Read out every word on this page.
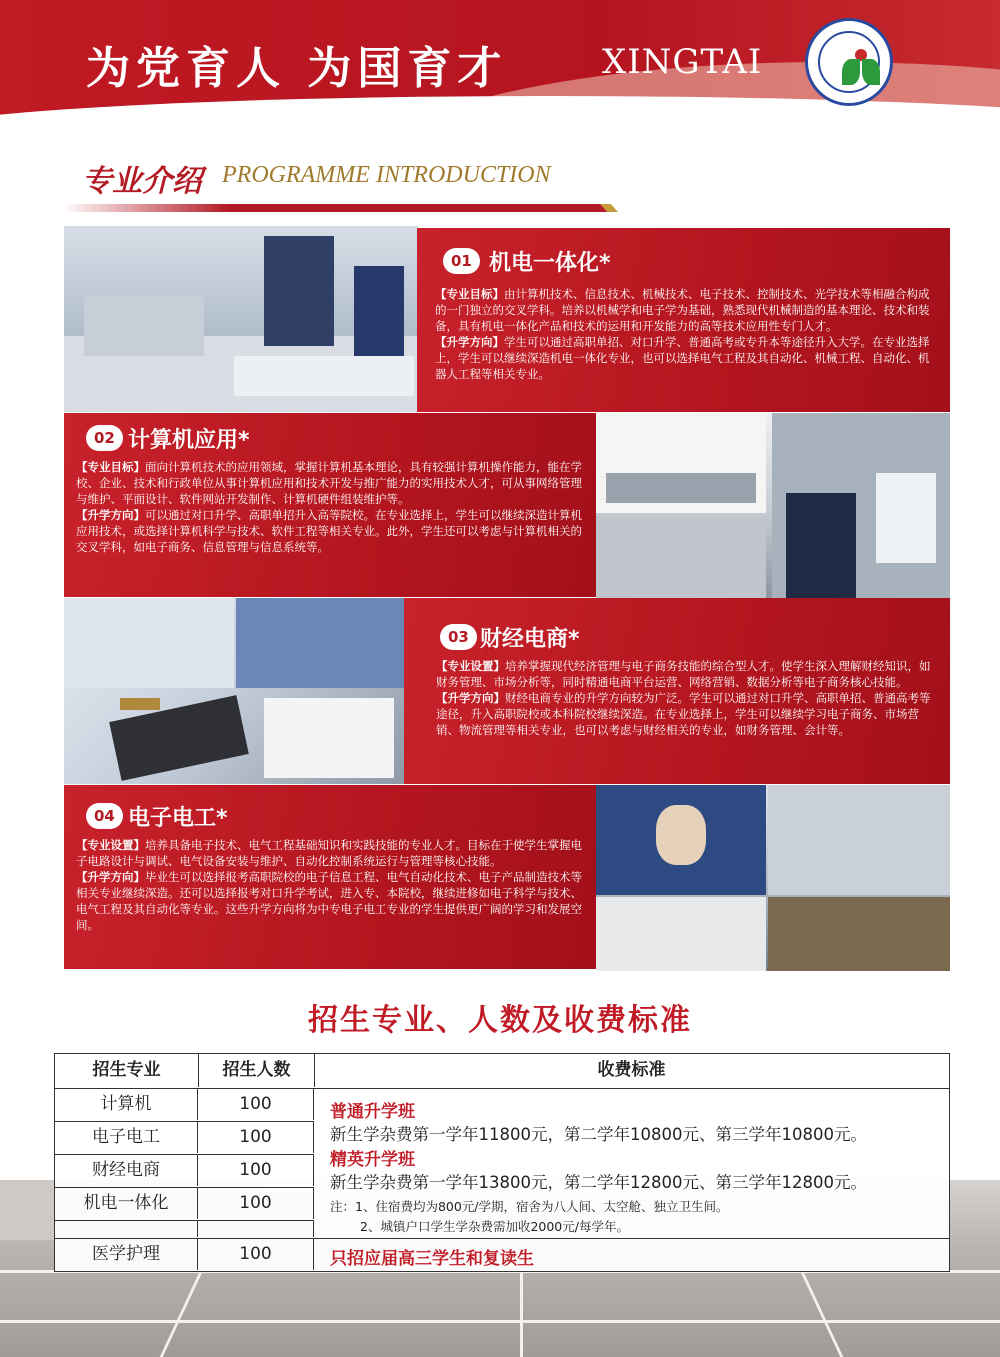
为党育人 为国育才	XINGTAI
专业介绍 PROGRAMME INTRODUCTION
01 机电一体化*

【专业目标】由计算机技术、信息技术、机械技术、电子技术、控制技术、光学技术等相融合构成的一门独立的交叉学科。培养以机械学和电子学为基础，熟悉现代机械制造的基本理论、技术和装备，具有机电一体化产品和技术的运用和开发能力的高等技术应用性专门人才。

【升学方向】学生可以通过高职单招、对口升学、普通高考或专升本等途径升入大学。在专业选择上，学生可以继续深造机电一体化专业，也可以选择电气工程及其自动化、机械工程、自动化、机器人工程等相关专业。

02 计算机应用*

【专业目标】面向计算机技术的应用领域，掌握计算机基本理论，具有较强计算机操作能力，能在学校、企业、技术和行政单位从事计算机应用和技术开发与推广能力的实用技术人才，可从事网络管理与维护、平面设计、软件网站开发制作、计算机硬件组装维护等。

【升学方向】可以通过对口升学、高职单招升入高等院校。在专业选择上，学生可以继续深造计算机应用技术，或选择计算机科学与技术、软件工程等相关专业。此外，学生还可以考虑与计算机相关的交叉学科，如电子商务、信息管理与信息系统等。

03 财经电商*

【专业设置】培养掌握现代经济管理与电子商务技能的综合型人才。使学生深入理解财经知识，如财务管理、市场分析等，同时精通电商平台运营、网络营销、数据分析等电子商务核心技能。

【升学方向】财经电商专业的升学方向较为广泛。学生可以通过对口升学、高职单招、普通高考等途径，升入高职院校或本科院校继续深造。在专业选择上，学生可以继续学习电子商务、市场营销、物流管理等相关专业，也可以考虑与财经相关的专业，如财务管理、会计等。

04 电子电工*

【专业设置】培养具备电子技术、电气工程基础知识和实践技能的专业人才。目标在于使学生掌握电子电路设计与调试、电气设备安装与维护、自动化控制系统运行与管理等核心技能。

【升学方向】毕业生可以选择报考高职院校的电子信息工程、电气自动化技术、电子产品制造技术等相关专业继续深造。还可以选择报考对口升学考试，进入专、本院校，继续进修如电子科学与技术、电气工程及其自动化等专业。这些升学方向将为中专电子电工专业的学生提供更广阔的学习和发展空间。

招生专业、人数及收费标准
招生专业	招生人数	收费标准
计算机	100
电子电工	100
财经电商	100
机电一体化	100
医学护理	100
普通升学班
新生学杂费第一学年11800元，第二学年10800元、第三学年10800元。
精英升学班
新生学杂费第一学年13800元，第二学年12800元、第三学年12800元。
注：1、住宿费均为800元/学期，宿舍为八人间、太空舱、独立卫生间。
2、城镇户口学生学杂费需加收2000元/每学年。
只招应届高三学生和复读生
